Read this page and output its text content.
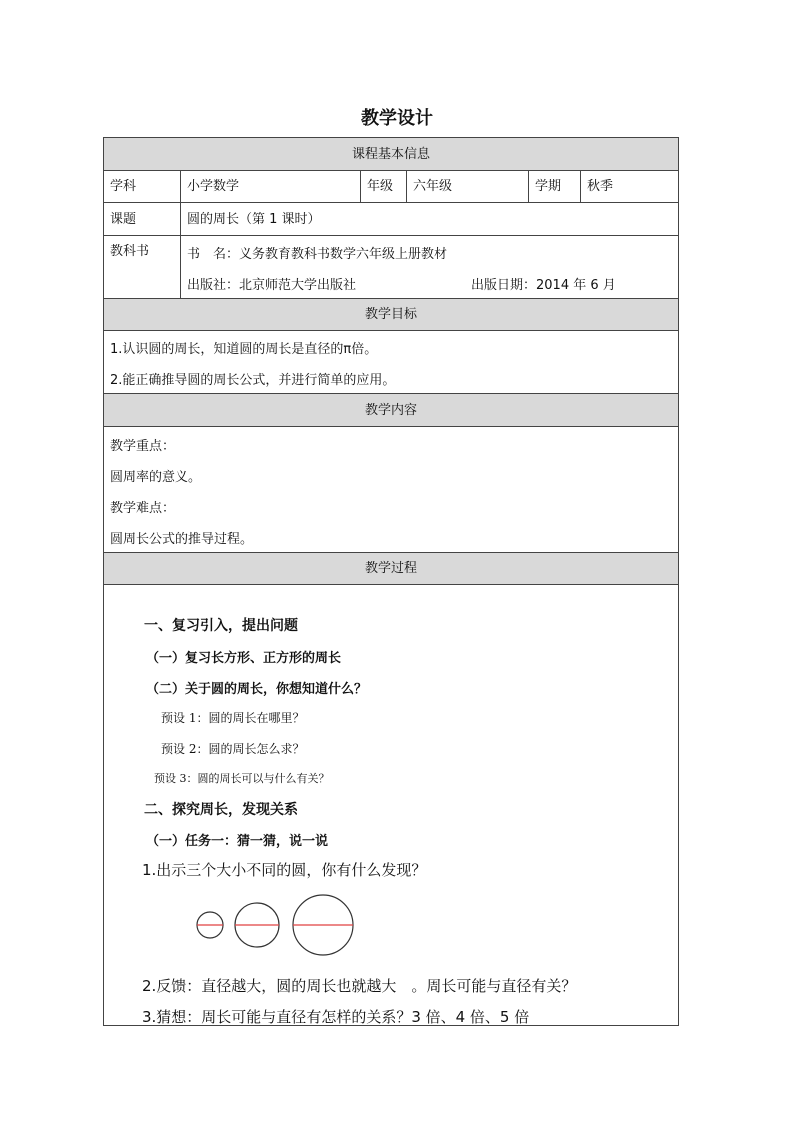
教学设计
课程基本信息
学科	小学数学	年级	六年级	学期	秋季
课题	圆的周长（第 1 课时）
教科书	书　名：义务教育教科书数学六年级上册教材
出版社：北京师范大学出版社	出版日期：2014 年 6 月
教学目标
1.认识圆的周长，知道圆的周长是直径的π倍。
2.能正确推导圆的周长公式，并进行简单的应用。
教学内容
教学重点：
圆周率的意义。
教学难点：
圆周长公式的推导过程。
教学过程
一、复习引入，提出问题
（一）复习长方形、正方形的周长
（二）关于圆的周长，你想知道什么？
预设 1：圆的周长在哪里？
预设 2：圆的周长怎么求？
预设 3：圆的周长可以与什么有关？
二、探究周长，发现关系
（一）任务一：猜一猜，说一说
1.出示三个大小不同的圆，你有什么发现？
2.反馈：直径越大，圆的周长也就越大　。周长可能与直径有关？
3.猜想：周长可能与直径有怎样的关系？3 倍、4 倍、5 倍
